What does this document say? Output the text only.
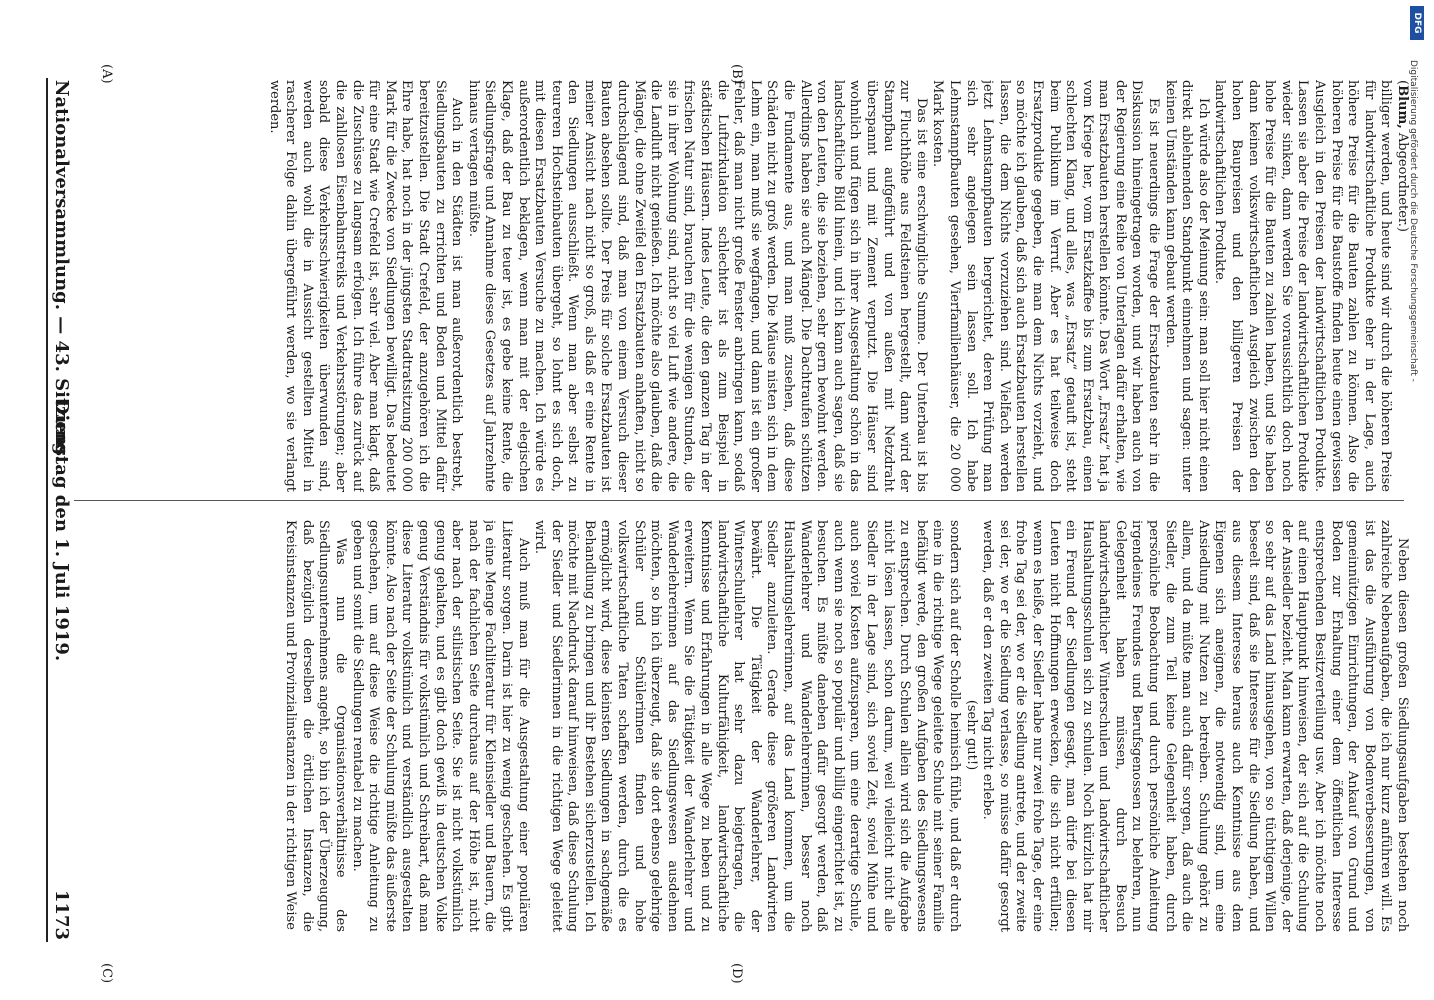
DFG
Digitalisierung gefördert durch die Deutsche Forschungsgemeinschaft -
Nationalversammlung. — 43. Sitzung.
Dienstag den 1. Juli 1919.
1173
(A)	(B)
(C)	(D)

(Blum, Abgeordneter.)

billiger werden, und heute sind wir durch die höheren Preise für landwirtschaftliche Produkte eher in der Lage, auch höhere Preise für die Bauten zahlen zu können. Also die höheren Preise für die Baustoffe finden heute einen gewissen Ausgleich in den Preisen der landwirtschaftlichen Produkte. Lassen sie aber die Preise der landwirtschaftlichen Produkte wieder sinken, dann werden Sie voraussichtlich doch noch hohe Preise für die Bauten zu zahlen haben, und Sie haben dann keinen volkswirtschaftlichen Ausgleich zwischen den hohen Baupreisen und den billigeren Preisen der landwirtschaftlichen Produkte.

Ich würde also der Meinung sein: man soll hier nicht einen direkt ablehnenden Standpunkt einnehmen und sagen: unter keinen Umständen kann gebaut werden.

Es ist neuerdings die Frage der Ersatzbauten sehr in die Diskussion hineingetragen worden, und wir haben auch von der Regierung eine Reihe von Unterlagen dafür erhalten, wie man Ersatzbauten herstellen könnte. Das Wort „Ersatz“ hat ja vom Kriege her, vom Ersatzkaffee bis zum Ersatzbau, einen schlechten Klang, und alles, was „Ersatz“ getauft ist, steht beim Publikum im Verruf. Aber es hat teilweise doch Ersatzprodukte gegeben, die man dem Nichts vorzieht, und so möchte ich glauben, daß sich auch Ersatzbauten herstellen lassen, die dem Nichts vorzuziehen sind. Vielfach werden jetzt Lehmstampfbauten hergerichtet, deren Prüfung man sich sehr angelegen sein lassen soll. Ich habe Lehmstampfbauten gesehen, Vierfamilienhäuser, die 20 000 Mark kosten.

Das ist eine erschwingliche Summe. Der Unterbau ist bis zur Fluchthöhe aus Feldsteinen hergestellt, dann wird der Stampfbau aufgeführt und von außen mit Netzdraht überspannt und mit Zement verputzt. Die Häuser sind wohnlich und fügen sich in ihrer Ausgestaltung schön in das landschaftliche Bild hinein, und ich kann auch sagen, daß sie von den Leuten, die sie beziehen, sehr gern bewohnt werden. Allerdings haben sie auch Mängel. Die Dachtraufen schützen die Fundamente aus, und man muß zusehen, daß diese Schäden nicht zu groß werden. Die Mäuse nisten sich in dem Lehm ein, man muß sie wegfangen, und dann ist ein großer Fehler, daß man nicht große Fenster anbringen kann, sodaß die Luftzirkulation schlechter ist als zum Beispiel in städtischen Häusern. Indes Leute, die den ganzen Tag in der frischen Natur sind, brauchen für die wenigen Stunden, die sie in ihrer Wohnung sind, nicht so viel Luft wie andere, die die Landluft nicht genießen. Ich möchte also glauben, daß die Mängel, die ohne Zweifel den Ersatzbauten anhaften, nicht so durchschlagend sind, daß man von einem Versuch dieser Bauten absehen sollte. Der Preis für solche Ersatzbauten ist meiner Ansicht nach nicht so groß, als daß er eine Rente in den Siedlungen ausschließt. Wenn man aber selbst zu teureren Hochsteinbauten übergeht, so lohnt es sich doch, mit diesen Ersatzbauten Versuche zu machen. Ich würde es außerordentlich beklagen, wenn man mit der elegischen Klage, daß der Bau zu teuer ist, es gebe keine Rente, die Siedlungsfrage und Annahme dieses Gesetzes auf Jahrzehnte hinaus vertagen müßte.

Auch in den Städten ist man außerordentlich bestrebt, Siedlungsbauten zu errichten und Boden und Mittel dafür bereitzustellen. Die Stadt Crefeld, der anzugehören ich die Ehre habe, hat noch in der jüngsten Stadtratsitzung 200 000 Mark für die Zwecke von Siedlungen bewilligt. Das bedeutet für eine Stadt wie Crefeld ist, sehr viel. Aber man klagt, daß die Zuschüsse zu langsam erfolgen. Ich führe das zurück auf die zahllosen Eisenbahnstreiks und Verkehrsstörungen; aber sobald diese Verkehrsschwierigkeiten überwunden sind, werden auch wohl die in Aussicht gestellten Mittel in rascherer Folge dahin übergeführt werden, wo sie verlangt werden.

Neben diesen großen Siedlungsaufgaben bestehen noch zahlreiche Nebenaufgaben, die ich nur kurz anführen will. Es ist das die Ausführung von Bodenverbesserungen, von gemeinnützigen Einrichtungen, der Ankauf von Grund und Boden zur Erhaltung einer dem öffentlichen Interesse entsprechenden Besitzverteilung usw. Aber ich möchte noch auf einen Hauptpunkt hinweisen, der sich auf die Schulung der Ansiedler bezieht. Man kann erwarten, daß derjenige, der so sehr auf das Land hinausgehen, von so tüchtigem Willen beseelt sind, daß sie Interesse für die Siedlung haben, und aus diesem Interesse heraus auch Kenntnisse aus dem Eigenen sich aneignen, die notwendig sind, um eine Ansiedlung mit Nutzen zu betreiben. Schulung gehört zu allem, und da müßte man auch dafür sorgen, daß auch die Siedler, die zum Teil keine Gelegenheit haben, durch persönliche Beobachtung und durch persönliche Anleitung irgendeines Freundes und Berufsgenossen zu belehren, nun Gelegenheit haben müssen, durch Besuch landwirtschaftlicher Winterschulen und landwirtschaftlicher Haushaltungsschulen sich zu schulen. Noch kürzlich hat mir ein Freund der Siedlungen gesagt, man dürfe bei diesen Leuten nicht Hoffnungen erwecken, die sich nicht erfüllen; wenn es heiße, der Siedler habe nur zwei frohe Tage, der eine frohe Tag sei der, wo er die Siedlung antrete, und der zweite sei der, wo er die Siedlung verlasse, so müsse dafür gesorgt werden, daß er den zweiten Tag nicht erlebe.

(sehr gut!)

sondern sich auf der Scholle heimisch fühle, und daß er durch eine in die richtige Wege geleitete Schule mit seiner Familie befähigt werde, den großen Aufgaben des Siedlungswesens zu entsprechen. Durch Schulen allein wird sich die Aufgabe nicht lösen lassen, schon darum, weil vielleicht nicht alle Siedler in der Lage sind, sich soviel Zeit, soviel Mühe und auch soviel Kosten aufzusparen, um eine derartige Schule, auch wenn sie noch so populär und billig eingerichtet ist, zu besuchen. Es müßte daneben dafür gesorgt werden, daß Wanderlehrer und Wanderlehrerinnen, besser noch Haushaltungslehrerinnen, auf das Land kommen, um die Siedler anzuleiten. Gerade diese größeren Landwirten bewährt. Die Tätigkeit der Wanderlehrer, der Winterschullehrer hat sehr dazu beigetragen, die landwirtschaftliche Kulturfähigkeit, landwirtschaftliche Kenntnisse und Erfahrungen in alle Wege zu heben und zu erweitern. Wenn Sie die Tätigkeit der Wanderlehrer und Wanderlehrerinnen auf das Siedlungswesen ausdehnen möchten, so bin ich überzeugt, daß sie dort ebenso gelehrige Schüler und Schülerinnen finden und hohe volkswirtschaftliche Taten schaffen werden, durch die es ermöglicht wird, diese kleinsten Siedlungen in sachgemäße Behandlung zu bringen und ihr Bestehen sicherzustellen. Ich möchte mit Nachdruck darauf hinweisen, daß diese Schulung der Siedler und Siedlerinnen in die richtigen Wege geleitet wird.

Auch muß man für die Ausgestaltung einer populären Literatur sorgen. Darin ist hier zu wenig geschehen. Es gibt ja eine Menge Fachliteratur für Kleinsiedler und Bauern, die nach der fachlichen Seite durchaus auf der Höhe ist, nicht aber nach der stilistischen Seite. Sie ist nicht volkstümlich genug gehalten, und es gibt doch gewiß in deutschen Volke genug Verständnis für volkstümlich und Schreibart, daß man diese Literatur volkstümlich und verständlich ausgestalten könnte. Also nach der Seite der Schulung müßte das äußerste geschehen, um auf diese Weise die richtige Anleitung zu geben und somit die Siedlungen rentabel zu machen.

Was nun die Organisationsverhältnisse des Siedlungsunternehmens angeht, so bin ich der Überzeugung, daß bezüglich derselben die örtlichen Instanzen, die Kreisinstanzen und Provinzialinstanzen in der richtigen Weise
